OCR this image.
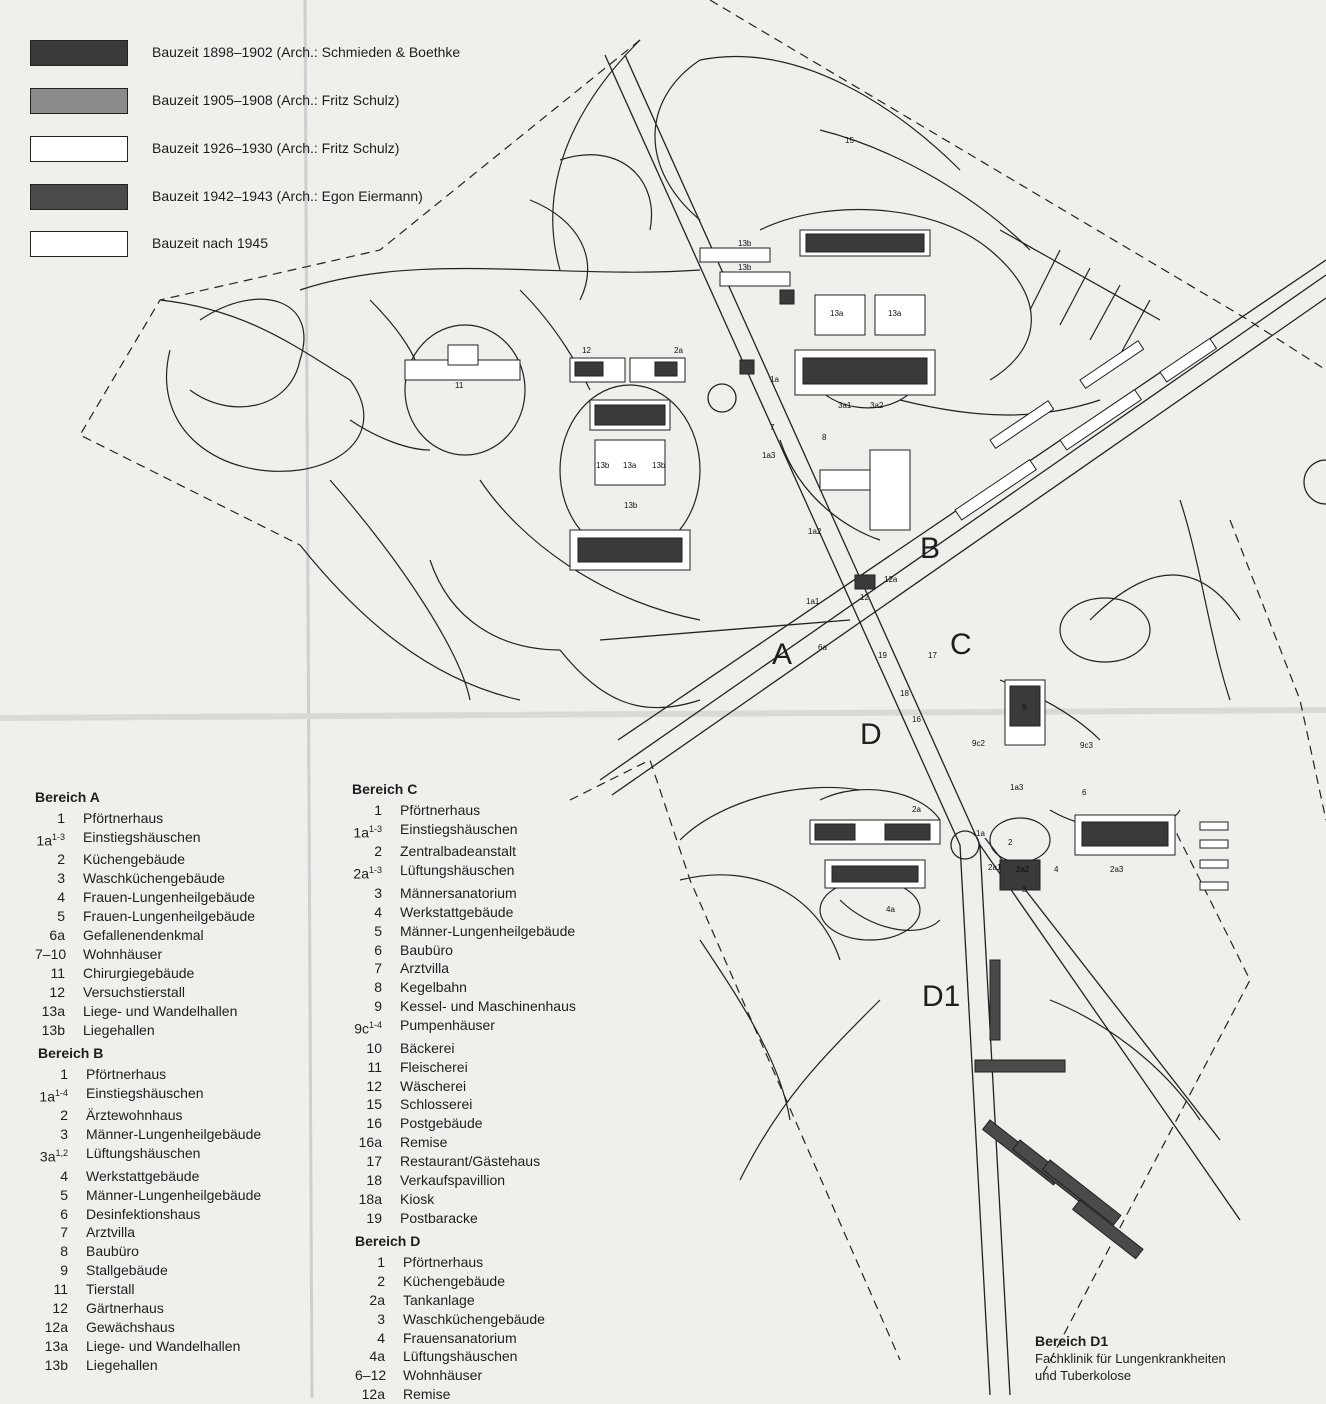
11
12	2a
13b
13a
13b	13b
13a
13a
13b
13b
1a
3a1 3a2
7
8
1a3
1a2
12a
12
1a1
6a
19	17
18
16
9
9c2
1a3
9c3
6
2a1 2a2	4	2a3
4a
2a
1a
2
3
15
Bauzeit 1898–1902 (Arch.: Schmieden & Boethke
Bauzeit 1905–1908 (Arch.: Fritz Schulz)
Bauzeit 1926–1930 (Arch.: Fritz Schulz)
Bauzeit 1942–1943 (Arch.: Egon Eiermann)
Bauzeit nach 1945
A
B
C
D
D1
Bereich A
1	Pförtnerhaus
$1a^{1-3}$	Einstiegshäuschen
2	Küchengebäude
3	Waschküchengebäude
4	Frauen-Lungenheilgebäude
5	Frauen-Lungenheilgebäude
6a	Gefallenendenkmal
7–10	Wohnhäuser
11	Chirurgiegebäude
12	Versuchstierstall
13a	Liege- und Wandelhallen
13b	Liegehallen
Bereich B
1	Pförtnerhaus
$1a^{1-4}$	Einstiegshäuschen
2	Ärztewohnhaus
3	Männer-Lungenheilgebäude
$3a^{1,2}$	Lüftungshäuschen
4	Werkstattgebäude
5	Männer-Lungenheilgebäude
6	Desinfektionshaus
7	Arztvilla
8	Baubüro
9	Stallgebäude
11	Tierstall
12	Gärtnerhaus
12a	Gewächshaus
13a	Liege- und Wandelhallen
13b	Liegehallen
Bereich C
1	Pförtnerhaus
$1a^{1-3}$	Einstiegshäuschen
2	Zentralbadeanstalt
$2a^{1-3}$	Lüftungshäuschen
3	Männersanatorium
4	Werkstattgebäude
5	Männer-Lungenheilgebäude
6	Baubüro
7	Arztvilla
8	Kegelbahn
9	Kessel- und Maschinenhaus
$9c^{1-4}$	Pumpenhäuser
10	Bäckerei
11	Fleischerei
12	Wäscherei
15	Schlosserei
16	Postgebäude
16a	Remise
17	Restaurant/Gästehaus
18	Verkaufspavillion
18a	Kiosk
19	Postbaracke
Bereich D
1	Pförtnerhaus
2	Küchengebäude
2a	Tankanlage
3	Waschküchengebäude
4	Frauensanatorium
4a	Lüftungshäuschen
6–12	Wohnhäuser
12a	Remise
Bereich D1
Fachklinik für Lungenkrankheiten
und Tuberkolose
